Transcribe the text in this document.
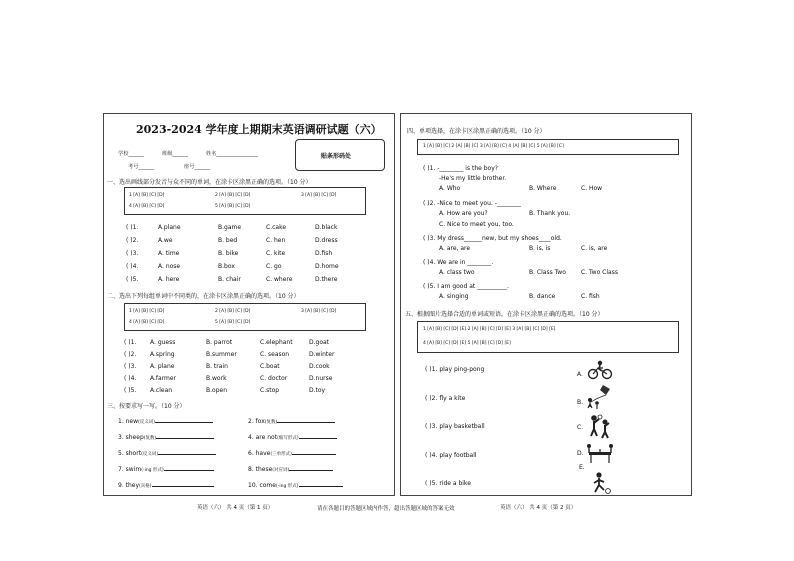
2023-2024 学年度上期期末英语调研试题（六）
学校______	班级______	姓名________________
考号______	座号______
贴条形码处
一、选出画线部分发音与众不同的单词，在涂卡区涂黑正确的选项。（10 分）
1 [A] [B] [C] [D]	2 [A] [B] [C] [D]	3 [A] [B] [C] [D]
4 [A] [B] [C] [D]	5 [A] [B] [C] [D]
( )1.	A.plane	B.game	C.cake	D.black
( )2.	A.we	B. bed	C. hen	D.dress
( )3.	A. time	B. bike	C. kite	D.fish
( )4.	A. nose	B.box	C. go	D.home
( )5.	A. here	B. chair	C. where	D.there
二、选出下列每组单词中不同类的，在涂卡区涂黑正确的选项。（10 分）
1 [A] [B] [C] [D]	2 [A] [B] [C] [D]	3 [A] [B] [C] [D]
4 [A] [B] [C] [D]	5 [A] [B] [C] [D]
( )1. A. guess	B. parrot	C.elephant	D.goat
( )2. A.spring	B.summer	C. season	D.winter
( )3. A. plane	B. train	C.boat	D.cook
( )4. A.farmer	B.work	C. doctor	D.nurse
( )5. A.clean	B.open	C.stop	D.toy
三、按要求写一写。（10 分）
1. new(反义词)	2. fox(复数)
3. sheep(复数)	4. are not(缩写形式)
5. short(反义词)	6. have(三单形式)
7. swim(-ing 形式)	8. these(对应词)
9. they(宾格)	10. come(-ing 形式)
四、单项选择，在涂卡区涂黑正确的选项。（10 分）
1 [A] [B] [C] 2 [A] [B] [C] 3 [A] [B] [C] 4 [A] [B] [C] 5 [A] [B] [C]
( )1. -________ is the boy?
-He's my little brother.
A. Who	B. Where	C. How
( )2. -Nice to meet you. -________
A. How are you?	B. Thank you.
C. Nice to meet you, too.
( )3. My dress______new, but my shoes____old.
A. are, are	B. is, is	C. is, are
( )4. We are in ________.
A. class two	B. Class Two	C. Two Class
( )5. I am good at __________.
A. singing	B. dance	C. fish
五、根据图片选择合适的单词或短语，在涂卡区涂黑正确的选项。（10 分）
1 [A] [B] [C] [D] [E] 2 [A] [B] [C] [D] [E] 3 [A] [B] [C] [D] [E]
4 [A] [B] [C] [D] [E] 5 [A] [B] [C] [D] [E]
( )1. play ping-pong
( )2. fly a kite
( )3. play basketball
( )4. play football
( )5. ride a bike
A.
B.
C.
D.
E.
英语（六） 共 4 页（第 1 页）	请在各题目的答题区域内作答，超出答题区域的答案无效	英语（六） 共 4 页（第 2 页）
